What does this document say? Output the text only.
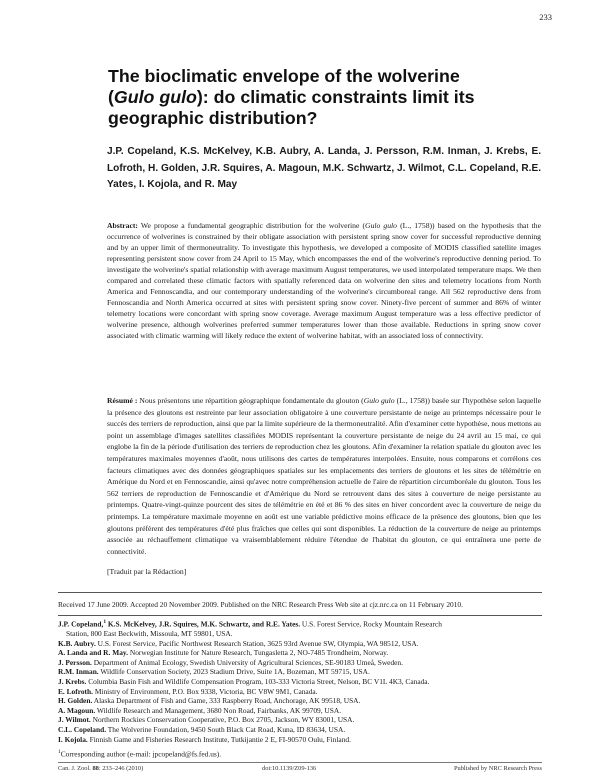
233
The bioclimatic envelope of the wolverine
(Gulo gulo): do climatic constraints limit its
geographic distribution?

J.P. Copeland, K.S. McKelvey, K.B. Aubry, A. Landa, J. Persson, R.M. Inman, J. Krebs, E. Lofroth, H. Golden, J.R. Squires, A. Magoun, M.K. Schwartz, J. Wilmot, C.L. Copeland, R.E. Yates, I. Kojola, and R. May

Abstract: We propose a fundamental geographic distribution for the wolverine (Gulo gulo (L., 1758)) based on the hypothesis that the occurrence of wolverines is constrained by their obligate association with persistent spring snow cover for successful reproductive denning and by an upper limit of thermoneutrality. To investigate this hypothesis, we developed a composite of MODIS classified satellite images representing persistent snow cover from 24 April to 15 May, which encompasses the end of the wolverine's reproductive denning period. To investigate the wolverine's spatial relationship with average maximum August temperatures, we used interpolated temperature maps. We then compared and correlated these climatic factors with spatially referenced data on wolverine den sites and telemetry locations from North America and Fennoscandia, and our contemporary understanding of the wolverine's circumboreal range. All 562 reproductive dens from Fennoscandia and North America occurred at sites with persistent spring snow cover. Ninety-five percent of summer and 86% of winter telemetry locations were concordant with spring snow coverage. Average maximum August temperature was a less effective predictor of wolverine presence, although wolverines preferred summer temperatures lower than those available. Reductions in spring snow cover associated with climatic warming will likely reduce the extent of wolverine habitat, with an associated loss of connectivity.

Résumé : Nous présentons une répartition géographique fondamentale du glouton (Gulo gulo (L., 1758)) basée sur l'hypothèse selon laquelle la présence des gloutons est restreinte par leur association obligatoire à une couverture persistante de neige au printemps nécessaire pour le succès des terriers de reproduction, ainsi que par la limite supérieure de la thermoneutralité. Afin d'examiner cette hypothèse, nous mettons au point un assemblage d'images satellites classifiées MODIS représentant la couverture persistante de neige du 24 avril au 15 mai, ce qui englobe la fin de la période d'utilisation des terriers de reproduction chez les gloutons. Afin d'examiner la relation spatiale du glouton avec les températures maximales moyennes d'août, nous utilisons des cartes de températures interpolées. Ensuite, nous comparons et corrélons ces facteurs climatiques avec des données géographiques spatiales sur les emplacements des terriers de gloutons et les sites de télémétrie en Amérique du Nord et en Fennoscandie, ainsi qu'avec notre compréhension actuelle de l'aire de répartition circumboréale du glouton. Tous les 562 terriers de reproduction de Fennoscandie et d'Amérique du Nord se retrouvent dans des sites à couverture de neige persistante au printemps. Quatre-vingt-quinze pourcent des sites de télémétrie en été et 86 % des sites en hiver concordent avec la couverture de neige du printemps. La température maximale moyenne en août est une variable prédictive moins efficace de la présence des gloutons, bien que les gloutons préfèrent des températures d'été plus fraîches que celles qui sont disponibles. La réduction de la couverture de neige au printemps associée au réchauffement climatique va vraisemblablement réduire l'étendue de l'habitat du glouton, ce qui entraînera une perte de connectivité.

[Traduit par la Rédaction]

Received 17 June 2009. Accepted 20 November 2009. Published on the NRC Research Press Web site at cjz.nrc.ca on 11 February 2010.

J.P. Copeland,$^1$ K.S. McKelvey, J.R. Squires, M.K. Schwartz, and R.E. Yates. U.S. Forest Service, Rocky Mountain Research
Station, 800 East Beckwith, Missoula, MT 59801, USA.

K.B. Aubry. U.S. Forest Service, Pacific Northwest Research Station, 3625 93rd Avenue SW, Olympia, WA 98512, USA.

A. Landa and R. May. Norwegian Institute for Nature Research, Tungasletta 2, NO-7485 Trondheim, Norway.

J. Persson. Department of Animal Ecology, Swedish University of Agricultural Sciences, SE-90183 Umeå, Sweden.

R.M. Inman. Wildlife Conservation Society, 2023 Stadium Drive, Suite 1A, Bozeman, MT 59715, USA.

J. Krebs. Columbia Basin Fish and Wildlife Compensation Program, 103-333 Victoria Street, Nelson, BC V1L 4K3, Canada.

E. Lofroth. Ministry of Environment, P.O. Box 9338, Victoria, BC V8W 9M1, Canada.

H. Golden. Alaska Department of Fish and Game, 333 Raspberry Road, Anchorage, AK 99518, USA.

A. Magoun. Wildlife Research and Management, 3680 Non Road, Fairbanks, AK 99709, USA.

J. Wilmot. Northern Rockies Conservation Cooperative, P.O. Box 2705, Jackson, WY 83001, USA.

C.L. Copeland. The Wolverine Foundation, 9450 South Black Cat Road, Kuna, ID 83634, USA.

I. Kojola. Finnish Game and Fisheries Research Institute, Tutkijantie 2 E, FI-90570 Oulu, Finland.

$^1$Corresponding author (e-mail: jpcopeland@fs.fed.us).

Can. J. Zool. 88: 233–246 (2010)	doi:10.1139/Z09-136	Published by NRC Research Press
